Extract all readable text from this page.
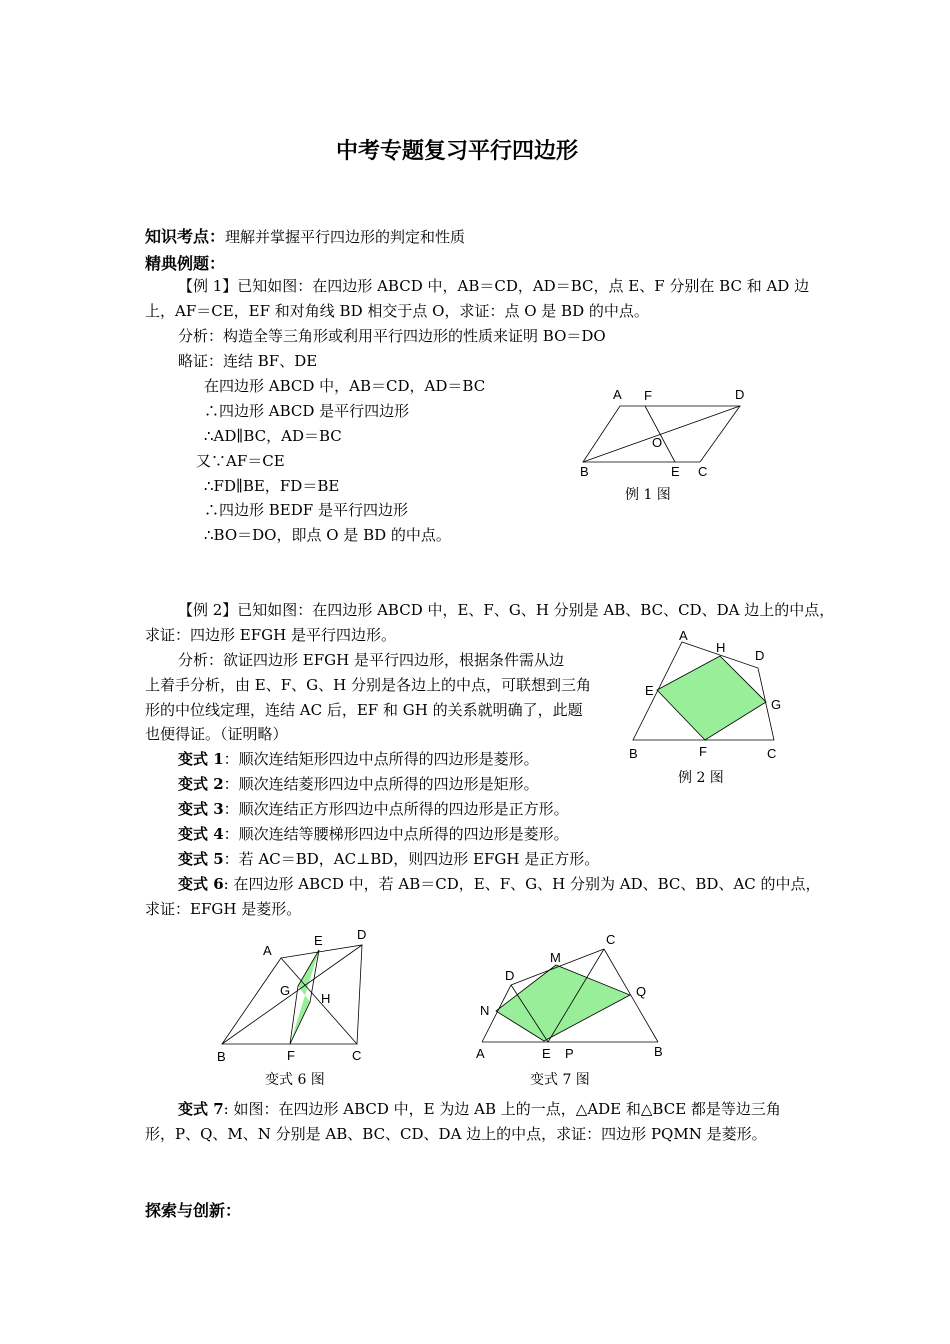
中考专题复习平行四边形
知识考点：理解并掌握平行四边形的判定和性质
精典例题：
【例 1】已知如图：在四边形 ABCD 中，AB＝CD，AD＝BC，点 E、F 分别在 BC 和 AD 边
上，AF＝CE，EF 和对角线 BD 相交于点 O，求证：点 O 是 BD 的中点。
分析：构造全等三角形或利用平行四边形的性质来证明 BO＝DO
略证：连结 BF、DE
在四边形 ABCD 中，AB＝CD，AD＝BC
∴四边形 ABCD 是平行四边形
∴AD∥BC，AD＝BC
又∵AF＝CE
∴FD∥BE，FD＝BE
∴四边形 BEDF 是平行四边形
∴BO＝DO，即点 O 是 BD 的中点。
A F	D
O
B	E C
例 1 图
【例 2】已知如图：在四边形 ABCD 中，E、F、G、H 分别是 AB、BC、CD、DA 边上的中点，
求证：四边形 EFGH 是平行四边形。
分析：欲证四边形 EFGH 是平行四边形，根据条件需从边
上着手分析，由 E、F、G、H 分别是各边上的中点，可联想到三角
形的中位线定理，连结 AC 后，EF 和 GH 的关系就明确了，此题
也便得证。（证明略）
变式 1：顺次连结矩形四边中点所得的四边形是菱形。
变式 2：顺次连结菱形四边中点所得的四边形是矩形。
变式 3：顺次连结正方形四边中点所得的四边形是正方形。
变式 4：顺次连结等腰梯形四边中点所得的四边形是菱形。
变式 5：若 AC＝BD，AC⊥BD，则四边形 EFGH 是正方形。
变式 6: 在四边形 ABCD 中，若 AB＝CD，E、F、G、H 分别为 AD、BC、BD、AC 的中点，
求证：EFGH 是菱形。
A
H
D
E
G
B	F	C
例 2 图
A
E	D
G
H
B	F	C
变式 6 图
C
M
D
Q
N
A	E P	B
变式 7 图
变式 7: 如图：在四边形 ABCD 中，E 为边 AB 上的一点，△ADE 和△BCE 都是等边三角
形，P、Q、M、N 分别是 AB、BC、CD、DA 边上的中点，求证：四边形 PQMN 是菱形。
探索与创新：
